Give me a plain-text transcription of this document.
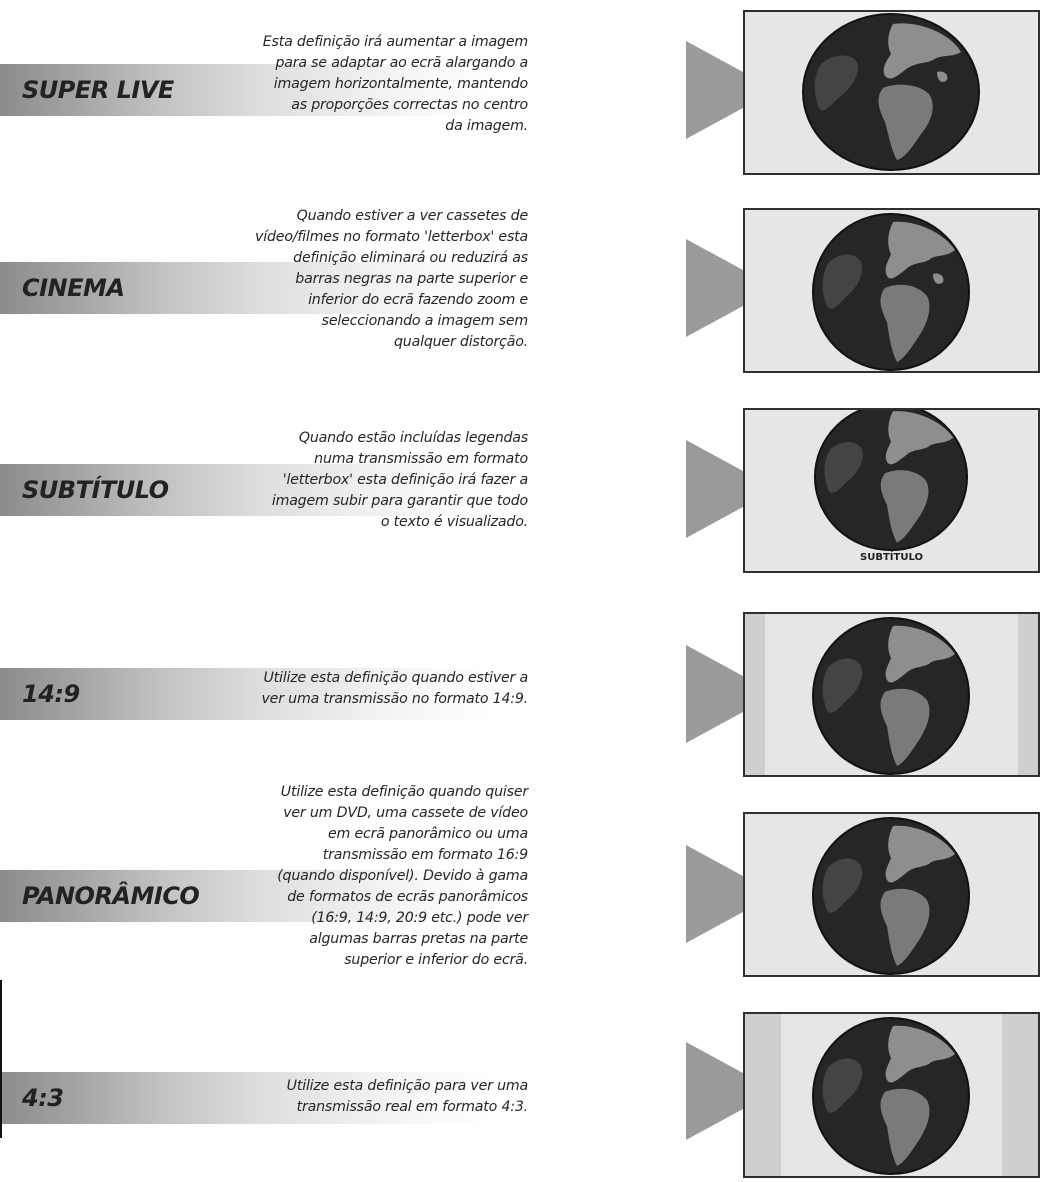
SUPER LIVE
Esta definição irá aumentar a imagem
para se adaptar ao ecrã alargando a
imagem horizontalmente, mantendo
as proporções correctas no centro
da imagem.
CINEMA
Quando estiver a ver cassetes de
vídeo/filmes no formato 'letterbox' esta
definição eliminará ou reduzirá as
barras negras na parte superior e
inferior do ecrã fazendo zoom e
seleccionando a imagem sem
qualquer distorção.
SUBTÍTULO
Quando estão incluídas legendas
numa transmissão em formato
'letterbox' esta definição irá fazer a
imagem subir para garantir que todo
o texto é visualizado.
SUBTÍTULO
14:9
Utilize esta definição quando estiver a
ver uma transmissão no formato 14:9.
PANORÂMICO
Utilize esta definição quando quiser
ver um DVD, uma cassete de vídeo
em ecrã panorâmico ou uma
transmissão em formato 16:9
(quando disponível). Devido à gama
de formatos de ecrãs panorâmicos
(16:9, 14:9, 20:9 etc.) pode ver
algumas barras pretas na parte
superior e inferior do ecrã.
4:3	Utilize esta definição para ver uma
transmissão real em formato 4:3.
